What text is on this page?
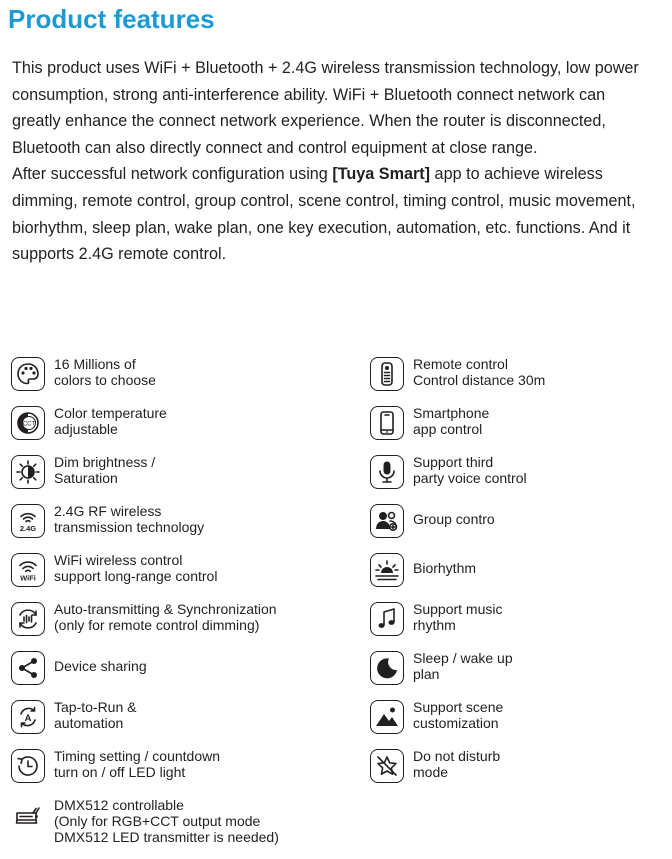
Product features

This product uses WiFi + Bluetooth + 2.4G wireless transmission technology, low power consumption, strong anti-interference ability. WiFi + Bluetooth connect network can greatly enhance the connect network experience. When the router is disconnected, Bluetooth can also directly connect and control equipment at close range.

After successful network configuration using [Tuya Smart] app to achieve wireless dimming, remote control, group control, scene control, timing control, music movement, biorhythm, sleep plan, wake plan, one key execution, automation, etc. functions. And it supports 2.4G remote control.

16 Millions of
colors to choose
CCT
Color temperature
adjustable
Dim brightness /
Saturation
2.4G
2.4G RF wireless
transmission technology
WiFi
WiFi wireless control
support long-range control
Auto-transmitting & Synchronization
(only for remote control dimming)
Device sharing
A
Tap-to-Run &
automation
Timing setting / countdown
turn on / off LED light
DMX512 controllable
(Only for RGB+CCT output mode
DMX512 LED transmitter is needed)
Remote control
Control distance 30m
Smartphone
app control
Support third
party voice control
Group contro
Biorhythm
Support music
rhythm
Z Sleep / wake up
plan
Support scene
customization
Do not disturb
mode
